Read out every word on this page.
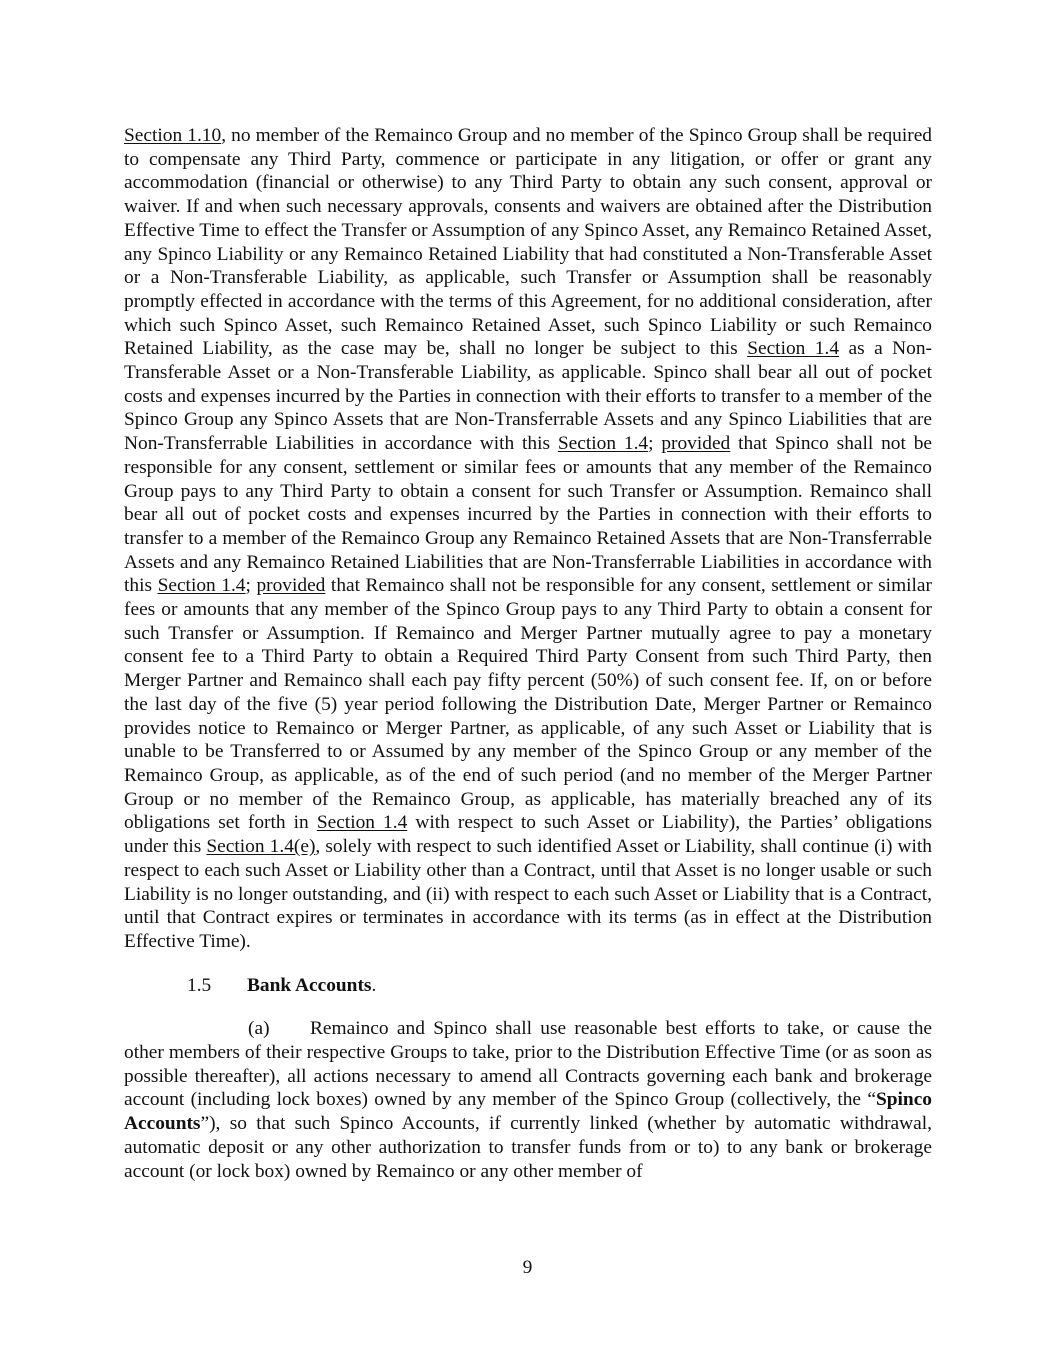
Section 1.10, no member of the Remainco Group and no member of the Spinco Group shall be required to compensate any Third Party, commence or participate in any litigation, or offer or grant any accommodation (financial or otherwise) to any Third Party to obtain any such consent, approval or waiver. If and when such necessary approvals, consents and waivers are obtained after the Distribution Effective Time to effect the Transfer or Assumption of any Spinco Asset, any Remainco Retained Asset, any Spinco Liability or any Remainco Retained Liability that had constituted a Non-Transferable Asset or a Non-Transferable Liability, as applicable, such Transfer or Assumption shall be reasonably promptly effected in accordance with the terms of this Agreement, for no additional consideration, after which such Spinco Asset, such Remainco Retained Asset, such Spinco Liability or such Remainco Retained Liability, as the case may be, shall no longer be subject to this Section 1.4 as a Non-Transferable Asset or a Non-Transferable Liability, as applicable. Spinco shall bear all out of pocket costs and expenses incurred by the Parties in connection with their efforts to transfer to a member of the Spinco Group any Spinco Assets that are Non-Transferrable Assets and any Spinco Liabilities that are Non-Transferrable Liabilities in accordance with this Section 1.4; provided that Spinco shall not be responsible for any consent, settlement or similar fees or amounts that any member of the Remainco Group pays to any Third Party to obtain a consent for such Transfer or Assumption. Remainco shall bear all out of pocket costs and expenses incurred by the Parties in connection with their efforts to transfer to a member of the Remainco Group any Remainco Retained Assets that are Non-Transferrable Assets and any Remainco Retained Liabilities that are Non-Transferrable Liabilities in accordance with this Section 1.4; provided that Remainco shall not be responsible for any consent, settlement or similar fees or amounts that any member of the Spinco Group pays to any Third Party to obtain a consent for such Transfer or Assumption. If Remainco and Merger Partner mutually agree to pay a monetary consent fee to a Third Party to obtain a Required Third Party Consent from such Third Party, then Merger Partner and Remainco shall each pay fifty percent (50%) of such consent fee. If, on or before the last day of the five (5) year period following the Distribution Date, Merger Partner or Remainco provides notice to Remainco or Merger Partner, as applicable, of any such Asset or Liability that is unable to be Transferred to or Assumed by any member of the Spinco Group or any member of the Remainco Group, as applicable, as of the end of such period (and no member of the Merger Partner Group or no member of the Remainco Group, as applicable, has materially breached any of its obligations set forth in Section 1.4 with respect to such Asset or Liability), the Parties’ obligations under this Section 1.4(e), solely with respect to such identified Asset or Liability, shall continue (i) with respect to each such Asset or Liability other than a Contract, until that Asset is no longer usable or such Liability is no longer outstanding, and (ii) with respect to each such Asset or Liability that is a Contract, until that Contract expires or terminates in accordance with its terms (as in effect at the Distribution Effective Time).

1.5 Bank Accounts.

(a) Remainco and Spinco shall use reasonable best efforts to take, or cause the other members of their respective Groups to take, prior to the Distribution Effective Time (or as soon as possible thereafter), all actions necessary to amend all Contracts governing each bank and brokerage account (including lock boxes) owned by any member of the Spinco Group (collectively, the “Spinco Accounts”), so that such Spinco Accounts, if currently linked (whether by automatic withdrawal, automatic deposit or any other authorization to transfer funds from or to) to any bank or brokerage account (or lock box) owned by Remainco or any other member of

9
